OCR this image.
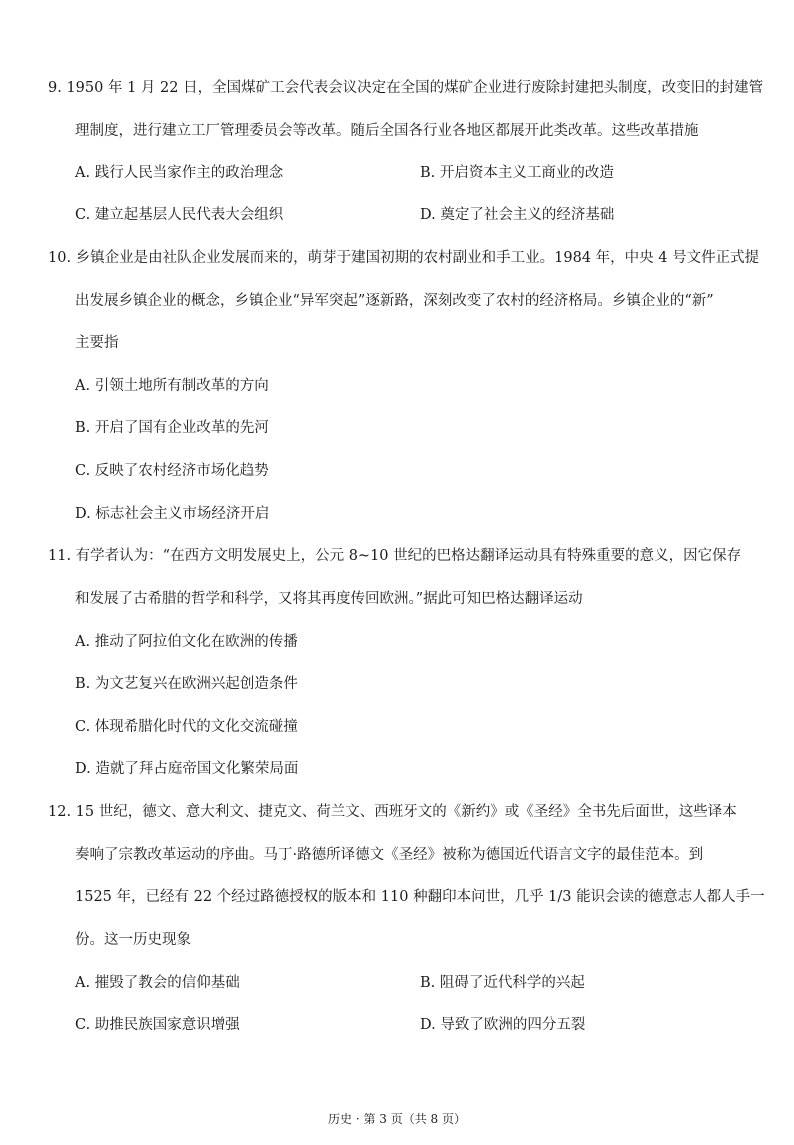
9. 1950 年 1 月 22 日，全国煤矿工会代表会议决定在全国的煤矿企业进行废除封建把头制度，改变旧的封建管
理制度，进行建立工厂管理委员会等改革。随后全国各行业各地区都展开此类改革。这些改革措施
A. 践行人民当家作主的政治理念	B. 开启资本主义工商业的改造
C. 建立起基层人民代表大会组织	D. 奠定了社会主义的经济基础
10. 乡镇企业是由社队企业发展而来的，萌芽于建国初期的农村副业和手工业。1984 年，中央 4 号文件正式提
出发展乡镇企业的概念，乡镇企业“异军突起”逐新路，深刻改变了农村的经济格局。乡镇企业的“新”
主要指
A. 引领土地所有制改革的方向
B. 开启了国有企业改革的先河
C. 反映了农村经济市场化趋势
D. 标志社会主义市场经济开启
11. 有学者认为：“在西方文明发展史上，公元 8~10 世纪的巴格达翻译运动具有特殊重要的意义，因它保存
和发展了古希腊的哲学和科学，又将其再度传回欧洲。”据此可知巴格达翻译运动
A. 推动了阿拉伯文化在欧洲的传播
B. 为文艺复兴在欧洲兴起创造条件
C. 体现希腊化时代的文化交流碰撞
D. 造就了拜占庭帝国文化繁荣局面
12. 15 世纪，德文、意大利文、捷克文、荷兰文、西班牙文的《新约》或《圣经》全书先后面世，这些译本
奏响了宗教改革运动的序曲。马丁·路德所译德文《圣经》被称为德国近代语言文字的最佳范本。到
1525 年，已经有 22 个经过路德授权的版本和 110 种翻印本问世，几乎 1/3 能识会读的德意志人都人手一
份。这一历史现象
A. 摧毁了教会的信仰基础	B. 阻碍了近代科学的兴起
C. 助推民族国家意识增强	D. 导致了欧洲的四分五裂
历史 · 第 3 页（共 8 页）
